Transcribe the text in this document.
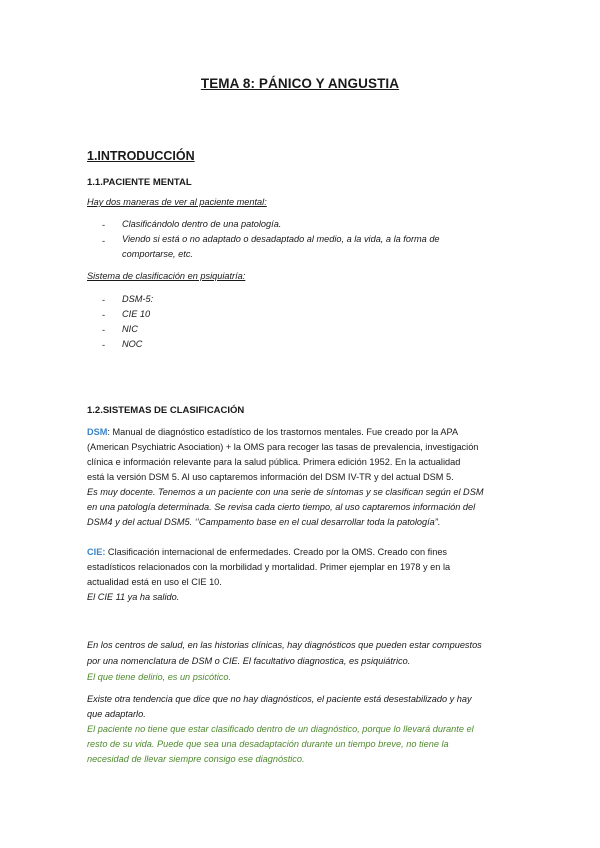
TEMA 8: PÁNICO Y ANGUSTIA
1.INTRODUCCIÓN
1.1.PACIENTE MENTAL
Hay dos maneras de ver al paciente mental:
- Clasificándolo dentro de una patología.
- Viendo si está o no adaptado o desadaptado al medio, a la vida, a la forma de
comportarse, etc.
Sistema de clasificación en psiquiatría:
- DSM-5:
- CIE 10
- NIC
- NOC
1.2.SISTEMAS DE CLASIFICACIÓN
DSM: Manual de diagnóstico estadístico de los trastornos mentales. Fue creado por la APA
(American Psychiatric Asociation) + la OMS para recoger las tasas de prevalencia, investigación
clínica e información relevante para la salud pública. Primera edición 1952. En la actualidad
está la versión DSM 5. Al uso captaremos información del DSM IV-TR y del actual DSM 5.
Es muy docente. Tenemos a un paciente con una serie de síntomas y se clasifican según el DSM
en una patología determinada. Se revisa cada cierto tiempo, al uso captaremos información del
DSM4 y del actual DSM5. ‘’Campamento base en el cual desarrollar toda la patología”.
CIE: Clasificación internacional de enfermedades. Creado por la OMS. Creado con fines
estadísticos relacionados con la morbilidad y mortalidad. Primer ejemplar en 1978 y en la
actualidad está en uso el CIE 10.
El CIE 11 ya ha salido.
En los centros de salud, en las historias clínicas, hay diagnósticos que pueden estar compuestos
por una nomenclatura de DSM o CIE. El facultativo diagnostica, es psiquiátrico.
El que tiene delirio, es un psicótico.
Existe otra tendencia que dice que no hay diagnósticos, el paciente está desestabilizado y hay
que adaptarlo.
El paciente no tiene que estar clasificado dentro de un diagnóstico, porque lo llevará durante el
resto de su vida. Puede que sea una desadaptación durante un tiempo breve, no tiene la
necesidad de llevar siempre consigo ese diagnóstico.
